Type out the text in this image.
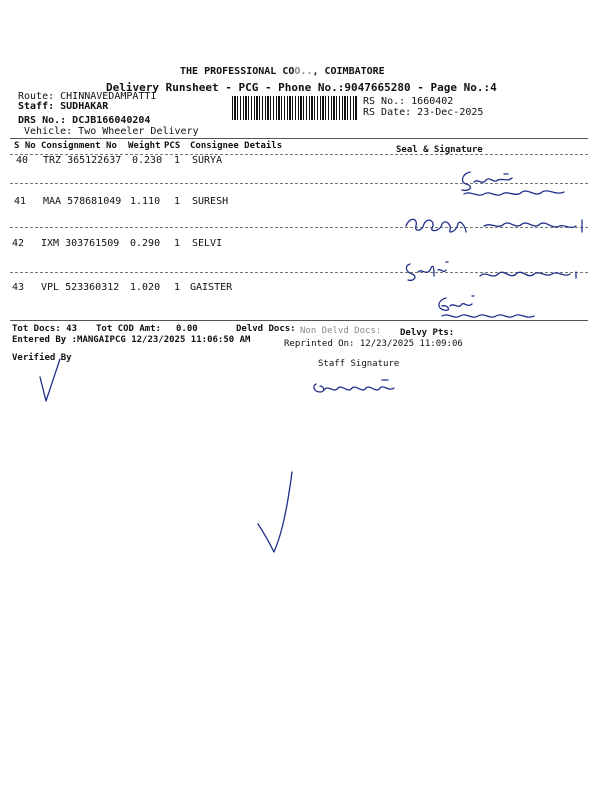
THE PROFESSIONAL COO.., COIMBATORE
Delivery Runsheet - PCG - Phone No.:9047665280 - Page No.:4
Route: CHINNAVEDAMPATTI
Staff: SUDHAKAR
DRS No.: DCJB166040204
Vehicle: Two Wheeler Delivery
RS No.: 1660402
RS Date: 23-Dec-2025
S No Consignment No Weight PCS Consignee Details	Seal & Signature
40 TRZ 365122637 0.230 1 SURYA
41 MAA 578681049 1.110 1 SURESH
42 IXM 303761509 0.290 1 SELVI
43 VPL 523360312 1.020 1 GAISTER
Tot Docs: 43 Tot COD Amt: 0.00	Delvd Docs: Non Delvd Docs: Delvy Pts:
Entered By :MANGAIPCG 12/23/2025 11:06:50 AM	Reprinted On: 12/23/2025 11:09:06
Verified By
Staff Signature
